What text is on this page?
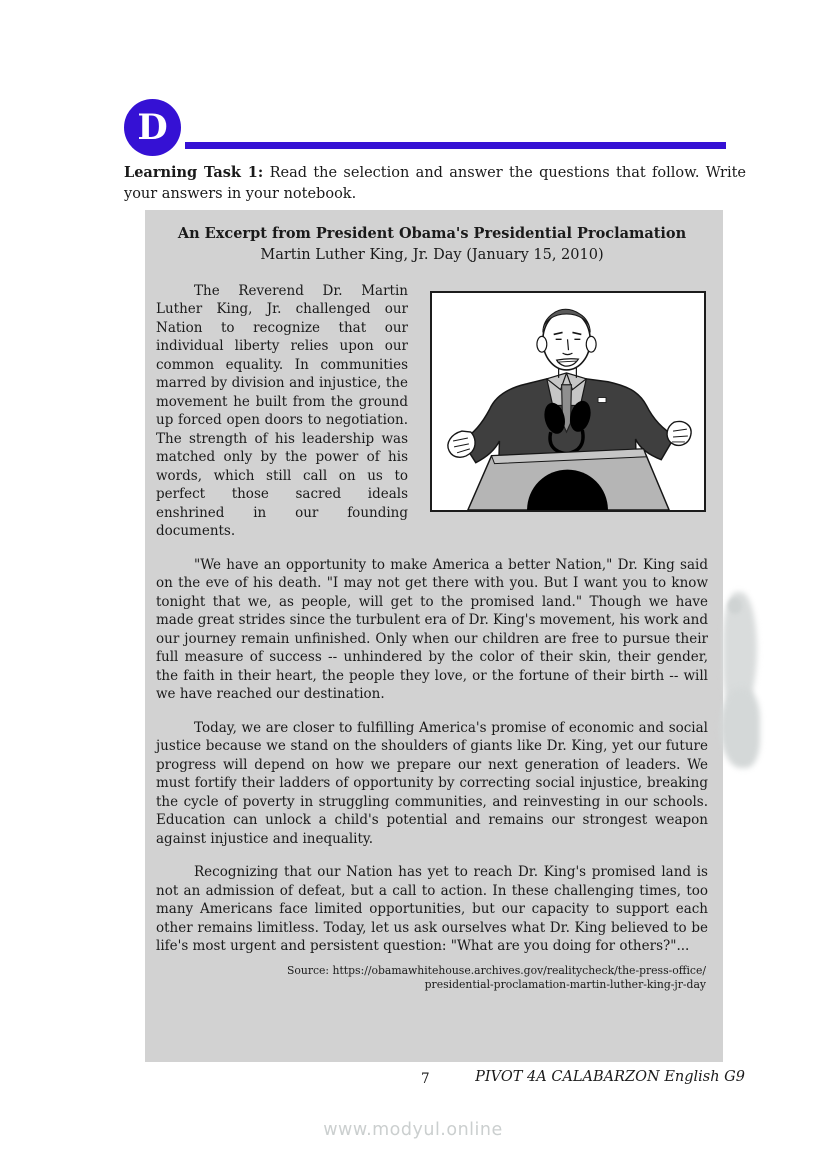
D

Learning Task 1: Read the selection and answer the questions that follow. Write your answers in your notebook.

An Excerpt from President Obama's Presidential Proclamation
Martin Luther King, Jr. Day (January 15, 2010)

The Reverend Dr. Martin Luther King, Jr. challenged our Nation to recognize that our individual liberty relies upon our common equality. In communities marred by division and injustice, the movement he built from the ground up forced open doors to negotiation. The strength of his leadership was matched only by the power of his words, which still call on us to perfect those sacred ideals enshrined in our founding documents.

"We have an opportunity to make America a better Nation," Dr. King said on the eve of his death. "I may not get there with you. But I want you to know tonight that we, as people, will get to the promised land." Though we have made great strides since the turbulent era of Dr. King's movement, his work and our journey remain unfinished. Only when our children are free to pursue their full measure of success -- unhindered by the color of their skin, their gender, the faith in their heart, the people they love, or the fortune of their birth -- will we have reached our destination.

Today, we are closer to fulfilling America's promise of economic and social justice because we stand on the shoulders of giants like Dr. King, yet our future progress will depend on how we prepare our next generation of leaders. We must fortify their ladders of opportunity by correcting social injustice, breaking the cycle of poverty in struggling communities, and reinvesting in our schools. Education can unlock a child's potential and remains our strongest weapon against injustice and inequality.

Recognizing that our Nation has yet to reach Dr. King's promised land is not an admission of defeat, but a call to action. In these challenging times, too many Americans face limited opportunities, but our capacity to support each other remains limitless. Today, let us ask ourselves what Dr. King believed to be life's most urgent and persistent question: "What are you doing for others?"...

Source: https://obamawhitehouse.archives.gov/realitycheck/the-press-office/
presidential-proclamation-martin-luther-king-jr-day
7	PIVOT 4A CALABARZON English G9
www.modyul.online
